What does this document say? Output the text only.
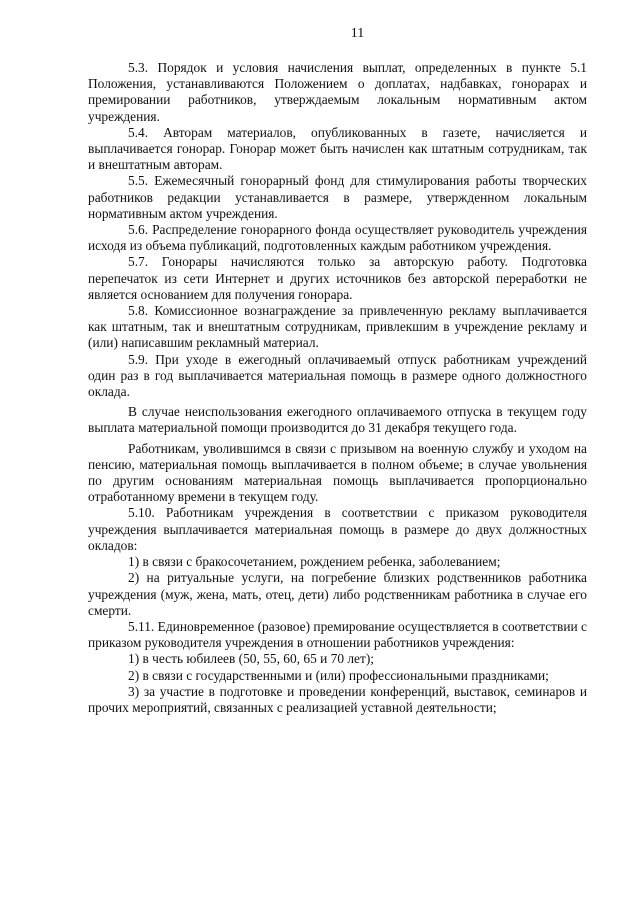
11

5.3. Порядок и условия начисления выплат, определенных в пункте 5.1 Положения, устанавливаются Положением о доплатах, надбавках, гонорарах и премировании работников, утверждаемым локальным нормативным актом учреждения.

5.4. Авторам материалов, опубликованных в газете, начисляется и выплачивается гонорар. Гонорар может быть начислен как штатным сотрудникам, так и внештатным авторам.

5.5. Ежемесячный гонорарный фонд для стимулирования работы творческих работников редакции устанавливается в размере, утвержденном локальным нормативным актом учреждения.

5.6. Распределение гонорарного фонда осуществляет руководитель учреждения исходя из объема публикаций, подготовленных каждым работником учреждения.

5.7. Гонорары начисляются только за авторскую работу. Подготовка перепечаток из сети Интернет и других источников без авторской переработки не является основанием для получения гонорара.

5.8. Комиссионное вознаграждение за привлеченную рекламу выплачивается как штатным, так и внештатным сотрудникам, привлекшим в учреждение рекламу и (или) написавшим рекламный материал.

5.9. При уходе в ежегодный оплачиваемый отпуск работникам учреждений один раз в год выплачивается материальная помощь в размере одного должностного оклада.

В случае неиспользования ежегодного оплачиваемого отпуска в текущем году выплата материальной помощи производится до 31 декабря текущего года.

Работникам, уволившимся в связи с призывом на военную службу и уходом на пенсию, материальная помощь выплачивается в полном объеме; в случае увольнения по другим основаниям материальная помощь выплачивается пропорционально отработанному времени в текущем году.

5.10. Работникам учреждения в соответствии с приказом руководителя учреждения выплачивается материальная помощь в размере до двух должностных окладов:

1) в связи с бракосочетанием, рождением ребенка, заболеванием;

2) на ритуальные услуги, на погребение близких родственников работника учреждения (муж, жена, мать, отец, дети) либо родственникам работника в случае его смерти.

5.11. Единовременное (разовое) премирование осуществляется в соответствии с приказом руководителя учреждения в отношении работников учреждения:

1) в честь юбилеев (50, 55, 60, 65 и 70 лет);

2) в связи с государственными и (или) профессиональными праздниками;

3) за участие в подготовке и проведении конференций, выставок, семинаров и прочих мероприятий, связанных с реализацией уставной деятельности;
